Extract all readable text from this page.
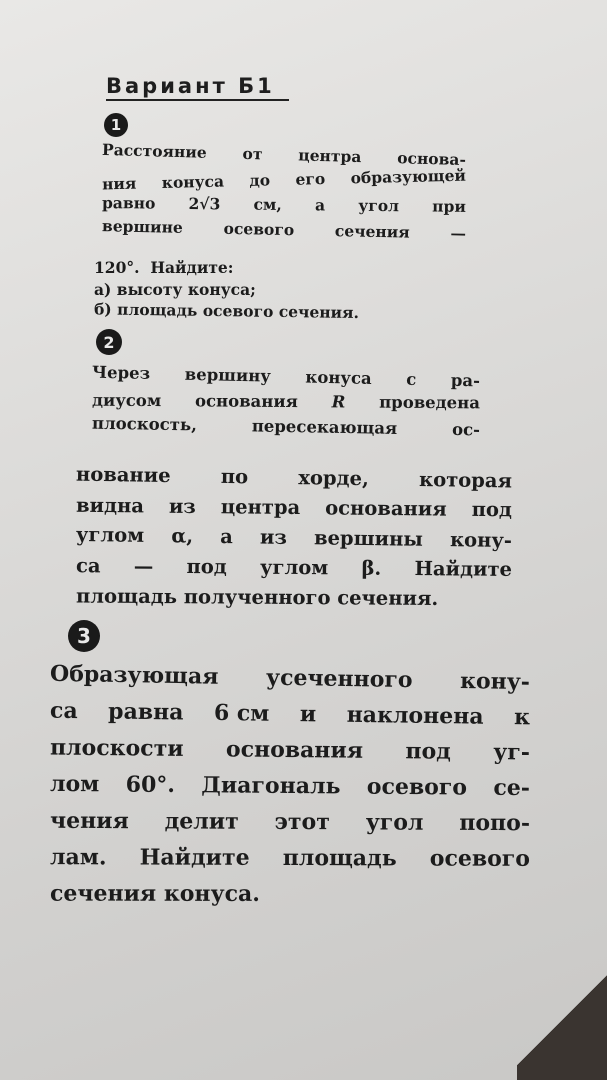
Вариант Б1
1
Расстояние от центра основа-
ния конуса до его образующей
равно 2√3 см, а угол при
вершине	осевого	сечения	—
120°.
Найдите:
а)
высоту
конуса;
б)
площадь
осевого
сечения.
2
Через вершину конуса с ра-
диусом основания R проведена
плоскость,	пересекающая	ос-
нование	по	хорде,	которая
видна из центра основания под
углом α, а из вершины кону-
са — под углом β. Найдите
площадь
полученного
сечения.
3
Образующая усеченного кону-
са равна 6 см и наклонена к
плоскости основания под уг-
лом 60°. Диагональ осевого се-
чения делит этот угол попо-
лам. Найдите площадь осевого
сечения
конуса.
